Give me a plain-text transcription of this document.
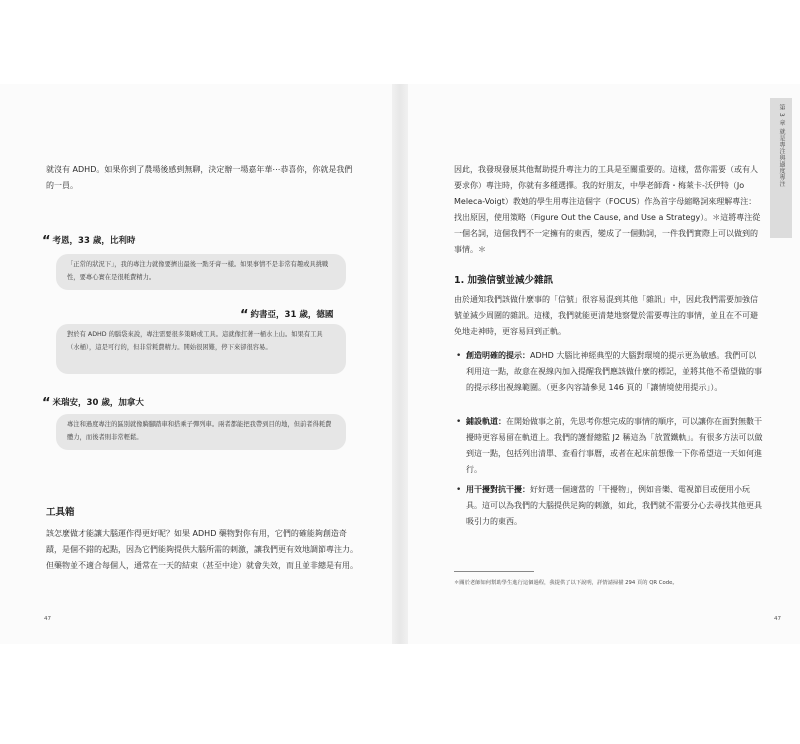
就沒有 ADHD。如果你到了農場後感到無聊，決定辦一場嘉年華⋯恭喜你，你就是我們的一員。

“ 考恩，33 歲，比利時
「正常的狀況下」，我的專注力就像要擠出最後一點牙膏一樣。如果事情不是非常有趣或具挑戰性，要專心實在是很耗費精力。
“ 約書亞，31 歲，德國
對於有 ADHD 的腦袋來說，專注需要很多策略或工具。這就像扛著一桶水上山。如果有工具（水桶），這是可行的，但非常耗費精力。開始很困難，停下來卻很容易。
“ 米瑞安，30 歲，加拿大
專注和過度專注的區別就像騎腳踏車和搭乘子彈列車。兩者都能把我帶到目的地，但前者得耗費體力，而後者則非常輕鬆。
工具箱

該怎麼做才能讓大腦運作得更好呢？如果 ADHD 藥物對你有用，它們的確能夠創造奇蹟，是個不錯的起點，因為它們能夠提供大腦所需的刺激，讓我們更有效地調節專注力。但藥物並不適合每個人，通常在一天的結束（甚至中途）就會失效，而且並非總是有用。

47
第 3 章 就是專注與過度專注

因此，我發現發展其他幫助提升專注力的工具是至關重要的。這樣，當你需要（或有人要求你）專注時，你就有多種選擇。我的好朋友，中學老師喬・梅萊卡-沃伊特（Jo Meleca-Voigt）教她的學生用專注這個字（FOCUS）作為首字母縮略詞來理解專注：找出原因，使用策略（Figure Out the Cause, and Use a Strategy）。＊這將專注從一個名詞，這個我們不一定擁有的東西，變成了一個動詞，一件我們實際上可以做到的事情。＊

1. 加強信號並減少雜訊

由於通知我們該做什麼事的「信號」很容易混到其他「雜訊」中，因此我們需要加強信號並減少周圍的雜訊。這樣，我們就能更清楚地察覺於需要專注的事情，並且在不可避免地走神時，更容易回到正軌。

• 創造明確的提示：ADHD 大腦比神經典型的大腦對環境的提示更為敏感。我們可以利用這一點，故意在視線內加入提醒我們應該做什麼的標記，並將其他不希望做的事的提示移出視線範圍。（更多內容請參見 146 頁的「讓情境使用提示」）。
• 鋪設軌道：在開始做事之前，先思考你想完成的事情的順序，可以讓你在面對無數干擾時更容易留在軌道上。我們的護督總監 J2 稱這為「放置鐵軌」。有很多方法可以做到這一點，包括列出清單、查看行事曆，或者在起床前想像一下你希望這一天如何進行。
• 用干擾對抗干擾：好好選一個適當的「干擾物」，例如音樂、電視節目或便用小玩具。這可以為我們的大腦提供足夠的刺激，如此，我們就不需要分心去尋找其他更具吸引力的東西。
＊關於老師如何幫助學生進行這個過程，我提供了以下說明，詳情請掃描 294 頁的 QR Code。
47
